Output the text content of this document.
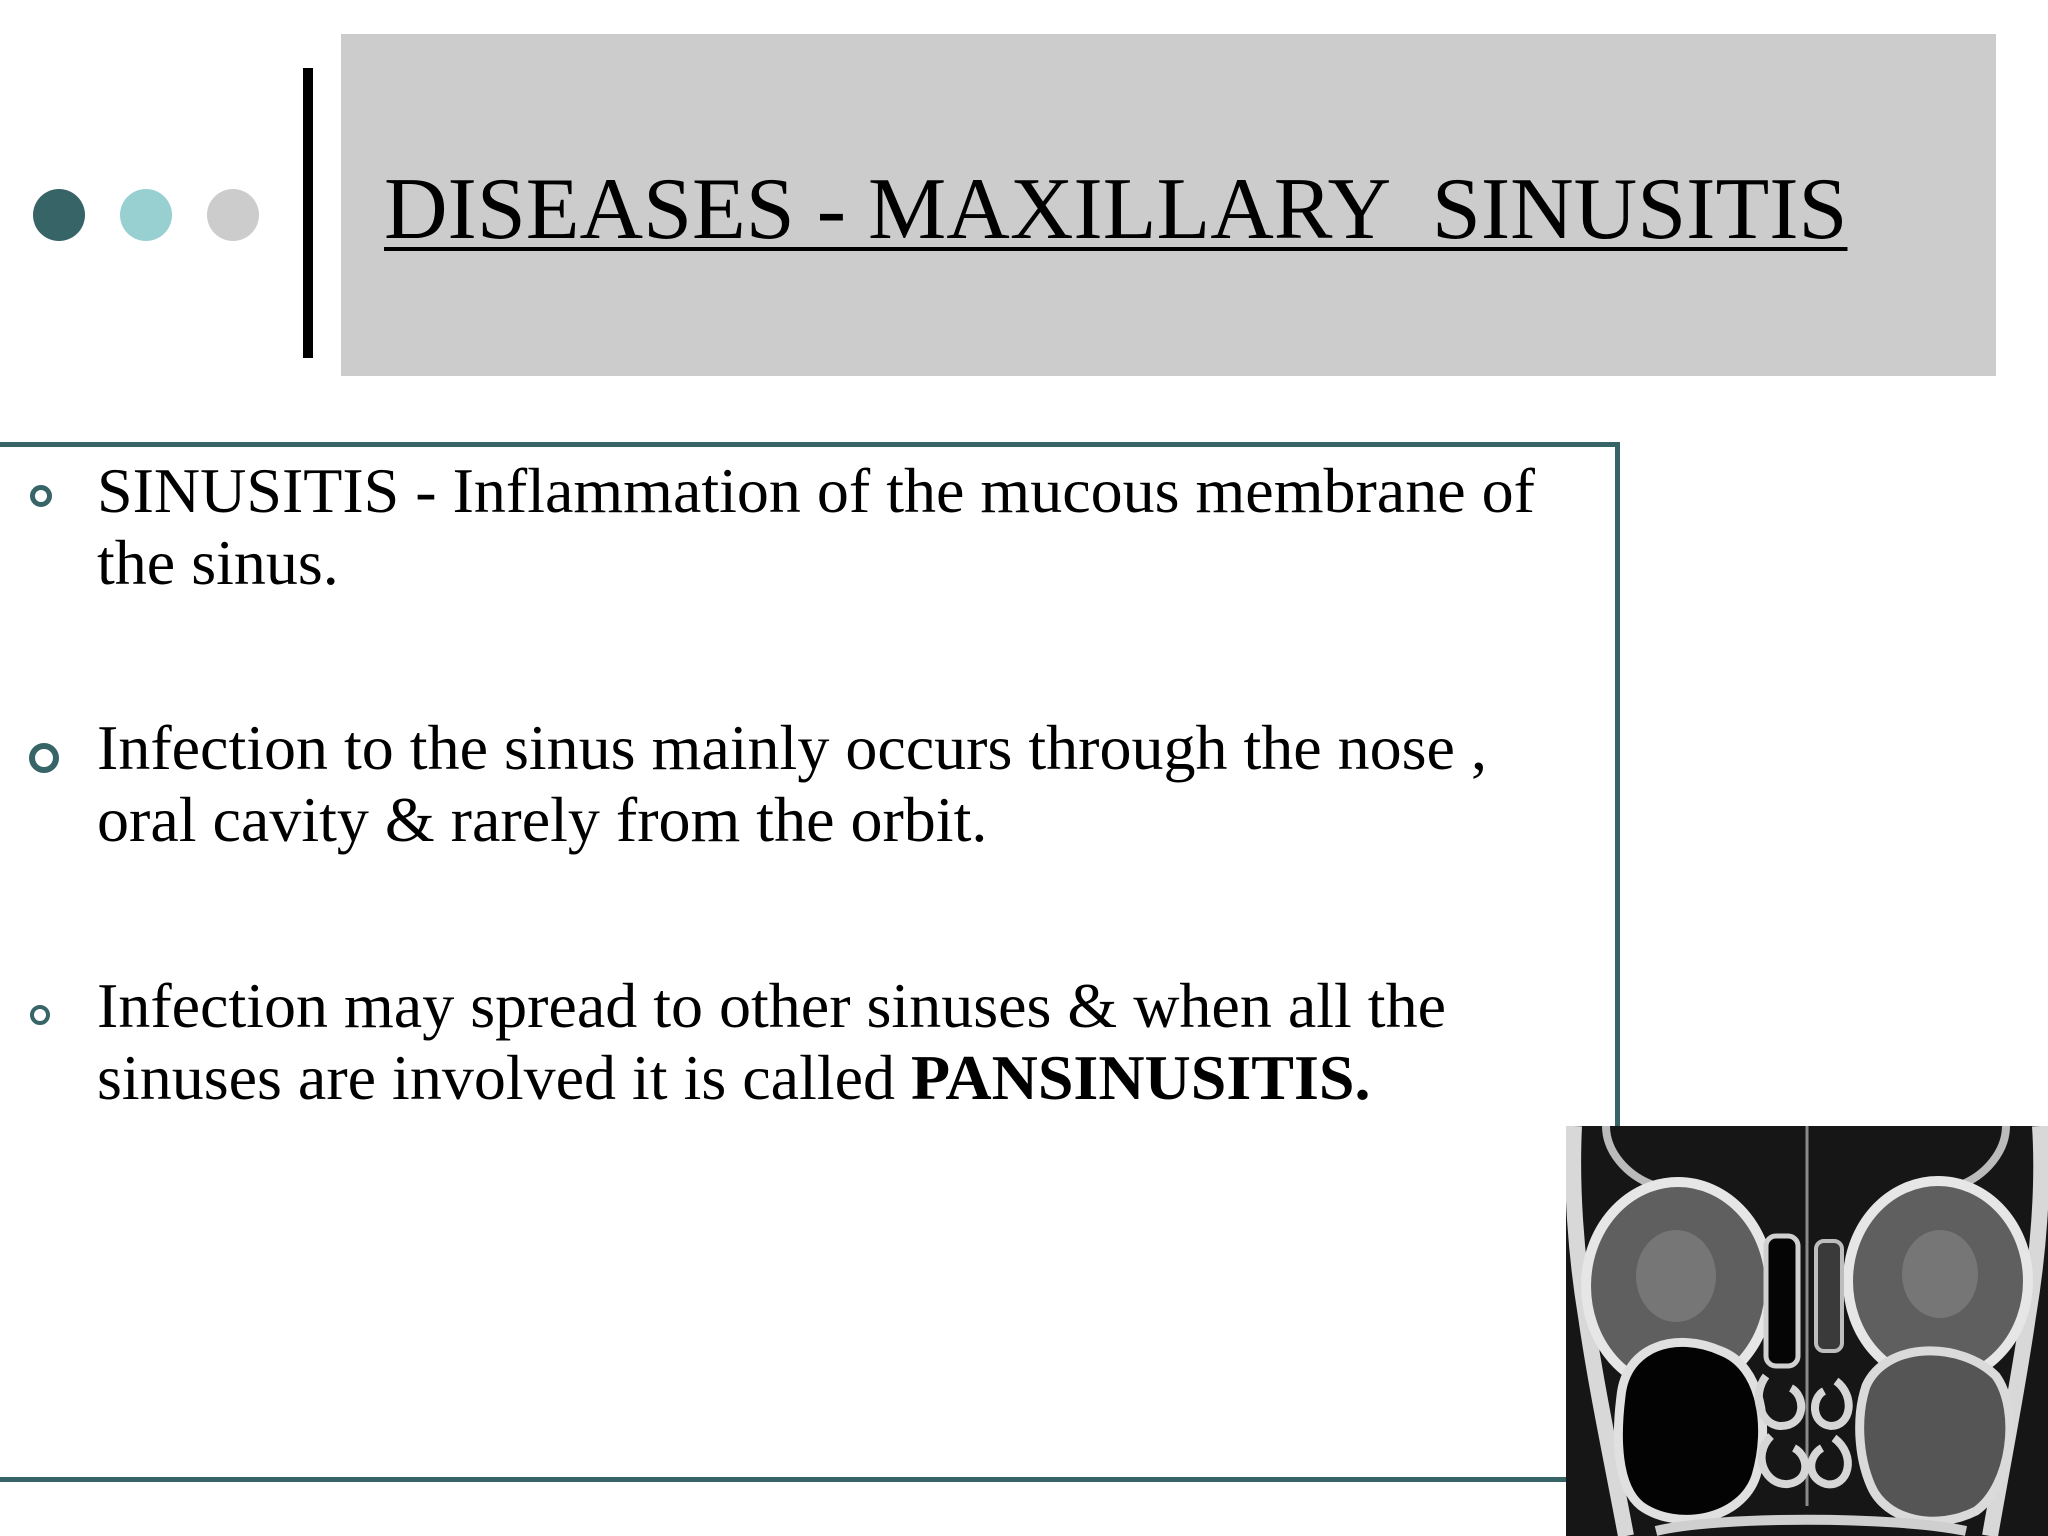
DISEASES - MAXILLARY  SINUSITIS
SINUSITIS - Inflammation of the mucous membrane of the sinus.
Infection to the sinus mainly occurs through the nose , oral cavity & rarely from the orbit.
Infection may spread to other sinuses & when all the sinuses are involved it is called PANSINUSITIS.
